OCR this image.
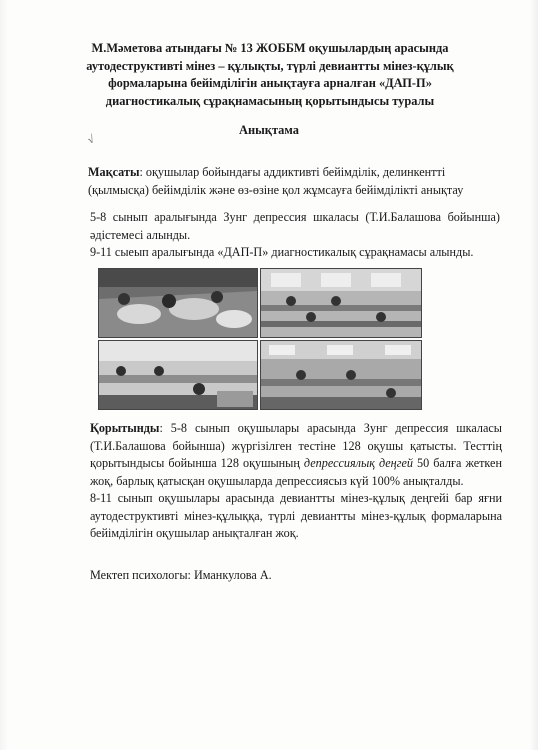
М.Мәметова атындағы № 13 ЖОББМ оқушылардың арасында аутодеструктивті мінез – құлықты, түрлі девиантты мінез-құлық формаларына бейімділігін анықтауға арналған «ДАП-П» диагностикалық сұрақнамасының қорытындысы туралы
Анықтама
√
Мақсаты: оқушылар бойындағы аддиктивті бейімділік, делинкентті (қылмысқа) бейімділік және өз-өзіне қол жұмсауға бейімділікті анықтау
5-8 сынып аралығында Зунг депрессия шкаласы (Т.И.Балашова бойынша) әдістемесі алынды.
9-11 сыеып аралығында «ДАП-П» диагностикалық сұрақнамасы алынды.
Қорытынды: 5-8 сынып оқушылары арасында Зунг депрессия шкаласы (Т.И.Балашова бойынша) жүргізілген тестіне 128 оқушы қатысты. Тесттің қорытындысы бойынша 128 оқушының депрессиялық деңгей 50 балға жеткен жоқ, барлық қатысқан оқушыларда депрессиясыз күй 100% анықталды.
8-11 сынып оқушылары арасында девиантты мінез-құлық деңгейі бар яғни аутодеструктивті мінез-құлыққа, түрлі девиантты мінез-құлық формаларына бейімділігін оқушылар анықталған жоқ.
Мектеп психологы: Иманкулова А.
